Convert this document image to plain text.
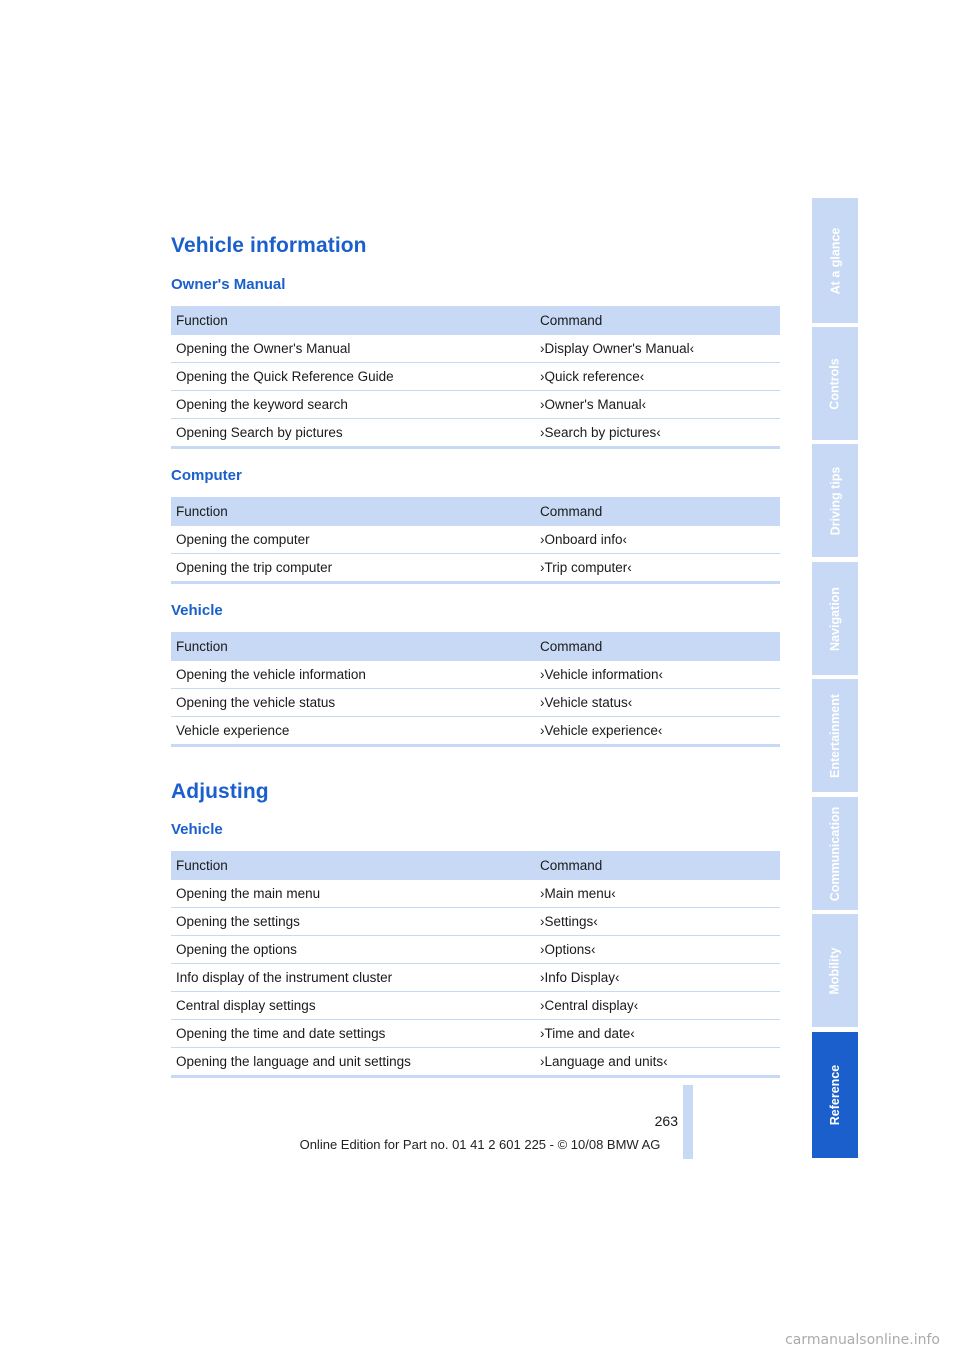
Vehicle information
Owner's Manual
Function	Command
Opening the Owner's Manual	›Display Owner's Manual‹
Opening the Quick Reference Guide	›Quick reference‹
Opening the keyword search	›Owner's Manual‹
Opening Search by pictures	›Search by pictures‹
Computer
Function	Command
Opening the computer	›Onboard info‹
Opening the trip computer	›Trip computer‹
Vehicle
Function	Command
Opening the vehicle information	›Vehicle information‹
Opening the vehicle status	›Vehicle status‹
Vehicle experience	›Vehicle experience‹
Adjusting
Vehicle
Function	Command
Opening the main menu	›Main menu‹
Opening the settings	›Settings‹
Opening the options	›Options‹
Info display of the instrument cluster	›Info Display‹
Central display settings	›Central display‹
Opening the time and date settings	›Time and date‹
Opening the language and unit settings	›Language and units‹
At a glance
Controls
Driving tips
Navigation
Entertainment
Communication
Mobility
Reference
263
Online Edition for Part no. 01 41 2 601 225 - © 10/08 BMW AG
carmanualsonline.info
